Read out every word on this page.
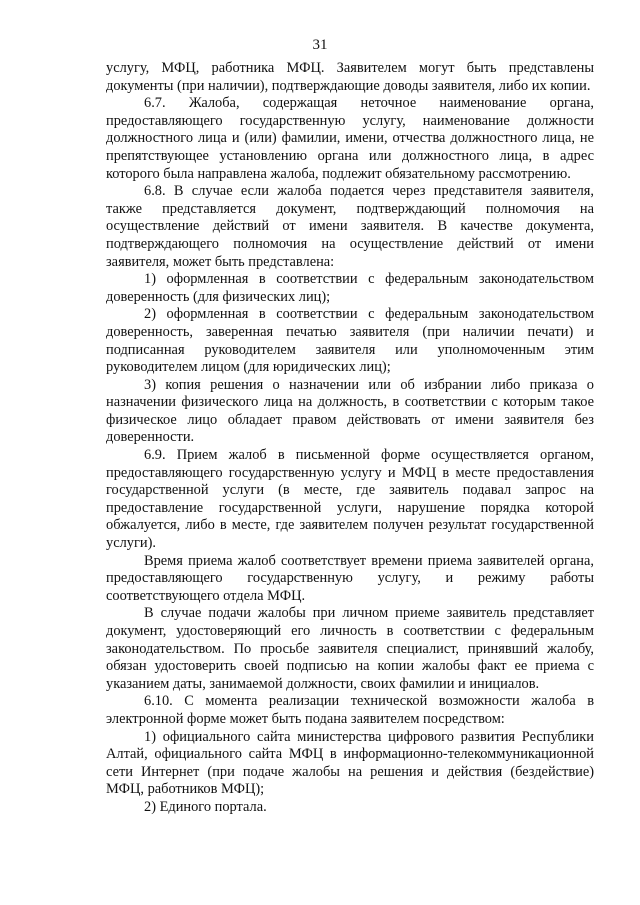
31

услугу, МФЦ, работника МФЦ. Заявителем могут быть представлены документы (при наличии), подтверждающие доводы заявителя, либо их копии.

6.7. Жалоба, содержащая неточное наименование органа, предоставляющего государственную услугу, наименование должности должностного лица и (или) фамилии, имени, отчества должностного лица, не препятствующее установлению органа или должностного лица, в адрес которого была направлена жалоба, подлежит обязательному рассмотрению.

6.8. В случае если жалоба подается через представителя заявителя, также представляется документ, подтверждающий полномочия на осуществление действий от имени заявителя. В качестве документа, подтверждающего полномочия на осуществление действий от имени заявителя, может быть представлена:

1) оформленная в соответствии с федеральным законодательством доверенность (для физических лиц);

2) оформленная в соответствии с федеральным законодательством доверенность, заверенная печатью заявителя (при наличии печати) и подписанная руководителем заявителя или уполномоченным этим руководителем лицом (для юридических лиц);

3) копия решения о назначении или об избрании либо приказа о назначении физического лица на должность, в соответствии с которым такое физическое лицо обладает правом действовать от имени заявителя без доверенности.

6.9. Прием жалоб в письменной форме осуществляется органом, предоставляющего государственную услугу и МФЦ в месте предоставления государственной услуги (в месте, где заявитель подавал запрос на предоставление государственной услуги, нарушение порядка которой обжалуется, либо в месте, где заявителем получен результат государственной услуги).

Время приема жалоб соответствует времени приема заявителей органа, предоставляющего государственную услугу, и режиму работы соответствующего отдела МФЦ.

В случае подачи жалобы при личном приеме заявитель представляет документ, удостоверяющий его личность в соответствии с федеральным законодательством. По просьбе заявителя специалист, принявший жалобу, обязан удостоверить своей подписью на копии жалобы факт ее приема с указанием даты, занимаемой должности, своих фамилии и инициалов.

6.10. С момента реализации технической возможности жалоба в электронной форме может быть подана заявителем посредством:

1) официального сайта министерства цифрового развития Республики Алтай, официального сайта МФЦ в информационно-телекоммуникационной сети Интернет (при подаче жалобы на решения и действия (бездействие) МФЦ, работников МФЦ);

2) Единого портала.
